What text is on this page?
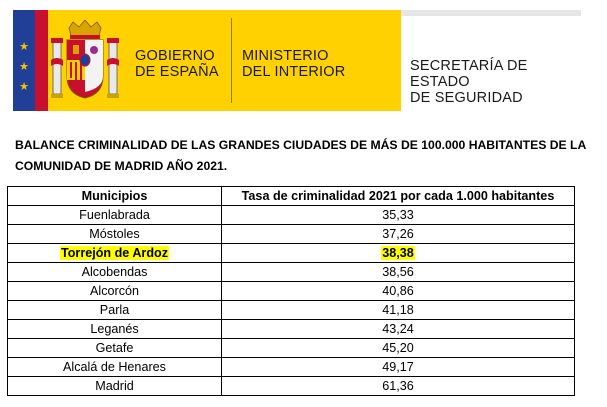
★
★
★
GOBIERNO
DE ESPAÑA
MINISTERIO
DEL INTERIOR	SECRETARÍA DE ESTADO
DE SEGURIDAD
BALANCE CRIMINALIDAD DE LAS GRANDES CIUDADES DE MÁS DE 100.000 HABITANTES DE LA
COMUNIDAD DE MADRID AÑO 2021.
Municipios	Tasa de criminalidad 2021 por cada 1.000 habitantes
Fuenlabrada	35,33
Móstoles	37,26
Torrejón de Ardoz	38,38
Alcobendas	38,56
Alcorcón	40,86
Parla	41,18
Leganés	43,24
Getafe	45,20
Alcalá de Henares	49,17
Madrid	61,36
